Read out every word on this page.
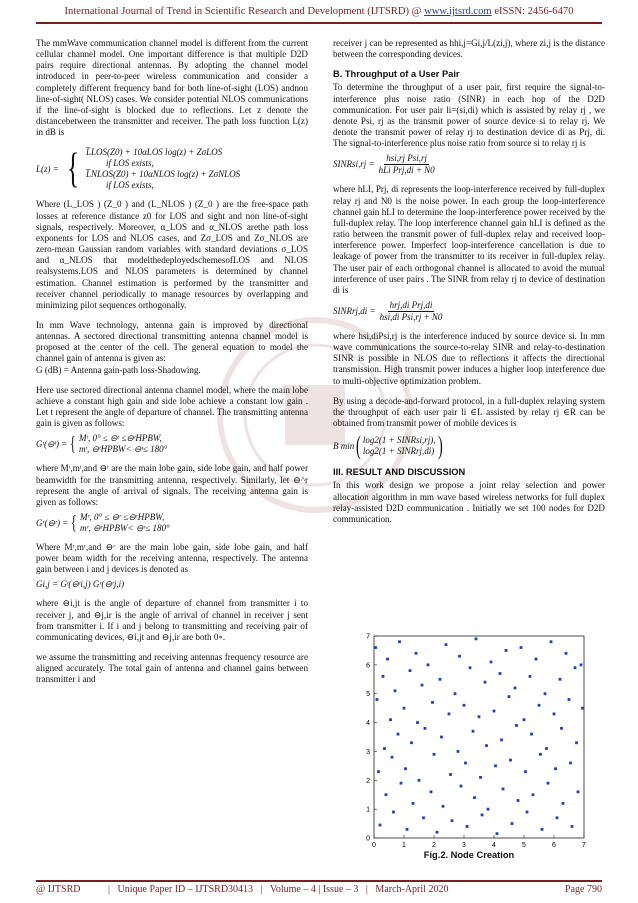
International Journal of Trend in Scientific Research and Development (IJTSRD) @ www.ijtsrd.com eISSN: 2456-6470

The mmWave communication channel model is different from the current cellular channel model. One important difference is that multiple D2D pairs require directional antennas. By adopting the channel model introduced in peer-to-peer wireless communication and consider a completely different frequency band for both line-of-sight (LOS) andnon line-of-sight( NLOS) cases. We consider potential NLOS communications if the line-of-sight is blocked due to reflections. Let z denote the distancebetween the transmitter and receiver. The path loss function L(z) in dB is

L(z) = { L̅LOS(Z0) + 10αLOS log(z) + ZσLOS
if LOS exists,
L̅NLOS(Z0) + 10αNLOS log(z) + ZσNLOS
if LOS exists,

Where (L_LOS ) (Z_0 ) and (L_NLOS ) (Z_0 ) are the free-space path losses at reference distance z0 for LOS and sight and non line-of-sight signals, respectively. Moreover, α_LOS and α_NLOS arethe path loss exponents for LOS and NLOS cases, and Zσ_LOS and Zσ_NLOS are zero-mean Gaussian random variables with standard deviations σ_LOS and α_NLOS that modelthedeployedschemesofLOS and NLOS realsystems.LOS and NLOS parameters is determined by channel estimation. Channel estimation is performed by the transmitter and receiver channel periodically to manage resources by overlapping and minimizing pilot sequences orthogonally.

In mm Wave technology, antenna gain is improved by directional antennas. A sectored directional transmitting antenna channel model is proposed at the center of the cell. The general equation to model the channel gain of antenna is given as:

G (dB) = Antenna gain-path loss-Shadowing.

Here use sectored directional antenna channel model, where the main lobe achieve a constant high gain and side lobe achieve a constant low gain . Let t represent the angle of departure of channel. The transmitting antenna gain is given as follows:

Gᵗ(⊖ᵗ) = { Mᵗ, 0° ≤ ⊖ᵗ ≤⊖ᵗHPBW,
mᵗ, ⊖ᵗHPBW< ⊖ᵗ≤ 180°

where Mᵗ,mᵗ,and ⊖ᵗ are the main lobe gain, side lobe gain, and half power beamwidth for the transmitting antenna, respectively. Similarly, let ⊖^r represent the angle of arrival of signals. The receiving antenna gain is given as follows:

Gʳ(⊖ʳ) = { Mʳ, 0° ≤ ⊖ʳ ≤⊖ʳHPBW,
mʳ, ⊖ʳHPBW< ⊖ʳ≤ 180°

Where Mʳ,mʳ,and ⊖ʳ are the main lobe gain, side lobe gain, and half power beam width for the receiving antenna, respectively. The antenna gain between i and j devices is denoted as

Gi,j = Gᵗ(⊖ᵗi,j) Gʳ(⊖ʳj,i)

where ⊖i,jt is the angle of departure of channel from transmitter i to receiver j, and ⊖j,ir is the angle of arrival of channel in receiver j sent from transmitter i. If i and j belong to transmitting and receiving pair of communicating devices, ⊖i,jt and ⊖j,ir are both 0∘.

we assume the transmitting and receiving antennas frequency resource are aligned accurately. The total gain of antenna and channel gains between transmitter i and

receiver j can be represented as hhi,j=Gi,j/L(zi,j), where zi,j is the distance between the corresponding devices.

B. Throughput of a User Pair

To determine the throughput of a user pair, first require the signal-to-interference plus noise ratio (SINR) in each hop of the D2D communication. For user pair li=(si,di) which is assisted by relay rj , we denote Psi, rj as the transmit power of source device si to relay rj. We denote the transmit power of relay rj to destination device di as Prj, di. The signal-to-interference plus noise ratio from source si to relay rj is

SINRsi,rj = $\frac{\text{hsi,rj Psi,rj}}{\text{hLi Prj,di + N0}}$

where hLI, Prj, di represents the loop-interference received by full-duplex relay rj and N0 is the noise power. In each group the loop-interference channel gain hLI to determine the loop-interference power received by the full-duplex relay. The loop interference channel gain hLI is defined as the ratio between the transmit power of full-duplex relay and received loop-interference power. Imperfect loop-interference cancellation is due to leakage of power from the transmitter to its receiver in full-duplex relay. The user pair of each orthogonal channel is allocated to avoid the mutual interference of user pairs . The SINR from relay rj to device of destination di is

SINRrj,di = $\frac{\text{hrj,di Prj,di}}{\text{hsi,di Psi,rj + N0}}$

where hsi,diPsi,rj is the interference induced by source device si. In mm wave communications the source-to-relay SINR and relay-to-destination SINR is possible in NLOS due to reflections it affects the directional transmission. High transmit power induces a higher loop interference due to multi-objective optimization problem.

By using a decode-and-forward protocol, in a full-duplex relaying system the throughput of each user pair li ∈L assisted by relay rj ∈R can be obtained from transmit power of mobile devices is

B min ( log2(1 + SINRsi,rj),
log2(1 + SINRrj,di) )
III. RESULT AND DISCUSSION

In this work design we propose a joint relay selection and power allocation algorithm in mm wave based wireless networks for full duplex relay-assisted D2D communication . Initially we set 100 nodes for D2D communication.

0	1	2	3	4	5	6	7
0
1
2
3
4
5
6
7
Fig.2. Node Creation
@ IJTSRD	| Unique Paper ID – IJTSRD30413 | Volume – 4 | Issue – 3 | March-April 2020	Page 790
